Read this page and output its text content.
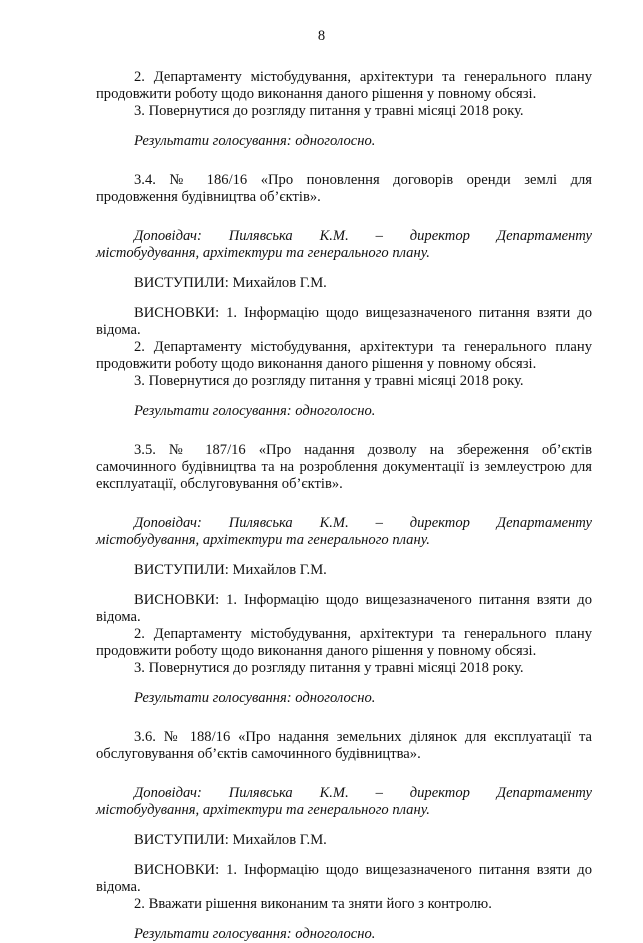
8

2. Департаменту містобудування, архітектури та генерального плану

продовжити роботу щодо виконання даного рішення у повному обсязі.

3. Повернутися до розгляду питання у травні місяці 2018 року.

Результати голосування: одноголосно.

3.4. № 186/16 «Про поновлення договорів оренди землі для

продовження будівництва об’єктів».

Доповідач: Пилявська К.М. – директор Департаменту

містобудування, архітектури та генерального плану.

ВИСТУПИЛИ: Михайлов Г.М.

ВИСНОВКИ: 1. Інформацію щодо вищезазначеного питання взяти до

відома.

2. Департаменту містобудування, архітектури та генерального плану

продовжити роботу щодо виконання даного рішення у повному обсязі.

3. Повернутися до розгляду питання у травні місяці 2018 року.

Результати голосування: одноголосно.

3.5. № 187/16 «Про надання дозволу на збереження об’єктів

самочинного будівництва та на розроблення документації із землеустрою для

експлуатації, обслуговування об’єктів».

Доповідач: Пилявська К.М. – директор Департаменту

містобудування, архітектури та генерального плану.

ВИСТУПИЛИ: Михайлов Г.М.

ВИСНОВКИ: 1. Інформацію щодо вищезазначеного питання взяти до

відома.

2. Департаменту містобудування, архітектури та генерального плану

продовжити роботу щодо виконання даного рішення у повному обсязі.

3. Повернутися до розгляду питання у травні місяці 2018 року.

Результати голосування: одноголосно.

3.6. № 188/16 «Про надання земельних ділянок для експлуатації та

обслуговування об’єктів самочинного будівництва».

Доповідач: Пилявська К.М. – директор Департаменту

містобудування, архітектури та генерального плану.

ВИСТУПИЛИ: Михайлов Г.М.

ВИСНОВКИ: 1. Інформацію щодо вищезазначеного питання взяти до

відома.

2. Вважати рішення виконаним та зняти його з контролю.

Результати голосування: одноголосно.
